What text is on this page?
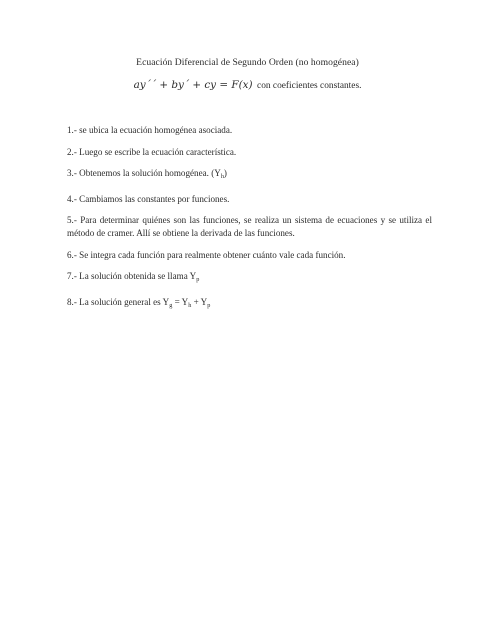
Ecuación Diferencial de Segundo Orden (no homogénea)
ay´´ + by´ + cy = F(x) con coeficientes constantes.

1.- se ubica la ecuación homogénea asociada.

2.- Luego se escribe la ecuación característica.

3.- Obtenemos la solución homogénea. $(Y_h)$

4.- Cambiamos las constantes por funciones.

5.- Para determinar quiénes son las funciones, se realiza un sistema de ecuaciones y se utiliza el método de cramer. Allí se obtiene la derivada de las funciones.

6.- Se integra cada función para realmente obtener cuánto vale cada función.

7.- La solución obtenida se llama $Y_p$

8.- La solución general es $Y_g = Y_h + Y_p$
